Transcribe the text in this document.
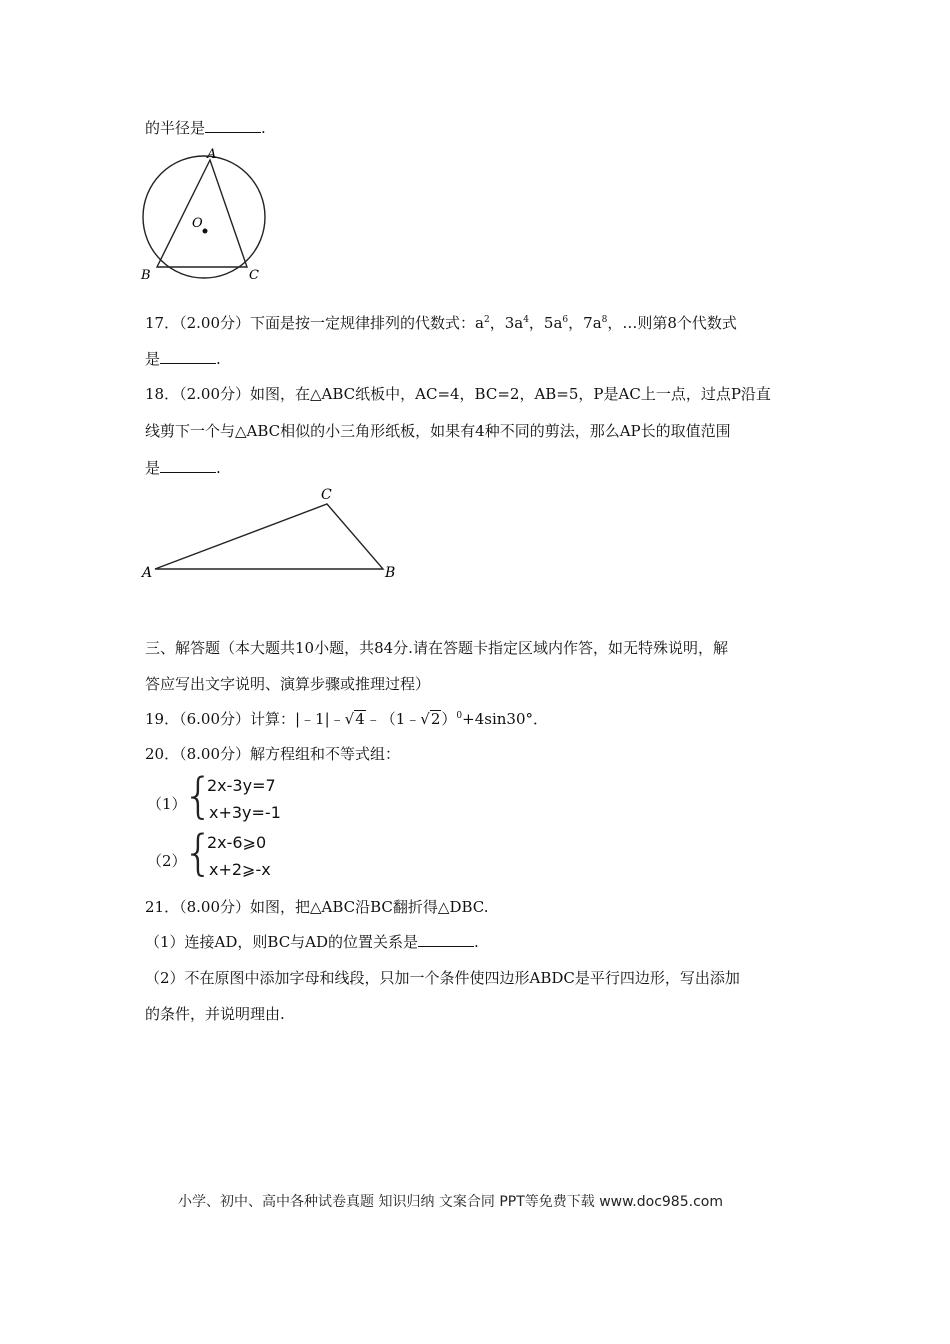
的半径是	.
A
O
B	C
17．（2.00分）下面是按一定规律排列的代数式：$a^2$，$3a^4$，$5a^6$，$7a^8$，…则第8个代数式
是	.
18．（2.00分）如图，在△ABC纸板中，AC=4，BC=2，AB=5，P是AC上一点，过点P沿直
线剪下一个与△ABC相似的小三角形纸板，如果有4种不同的剪法，那么AP长的取值范围
是	.
A
C
B
三、解答题（本大题共10小题，共84分.请在答题卡指定区域内作答，如无特殊说明，解
答应写出文字说明、演算步骤或推理过程）
19．（6.00分）计算：|﹣1|﹣√4﹣（1﹣√2）$^0$+4sin30°．
20．（8.00分）解方程组和不等式组：
（1）
{
2x-3y=7
x+3y=-1
（2）
{
2x-6⩾0
x+2⩾-x
21．（8.00分）如图，把△ABC沿BC翻折得△DBC.
（1）连接AD，则BC与AD的位置关系是	.
（2）不在原图中添加字母和线段，只加一个条件使四边形ABDC是平行四边形，写出添加
的条件，并说明理由.
小学、初中、高中各种试卷真题 知识归纳 文案合同 PPT等免费下载 www.doc985.com
